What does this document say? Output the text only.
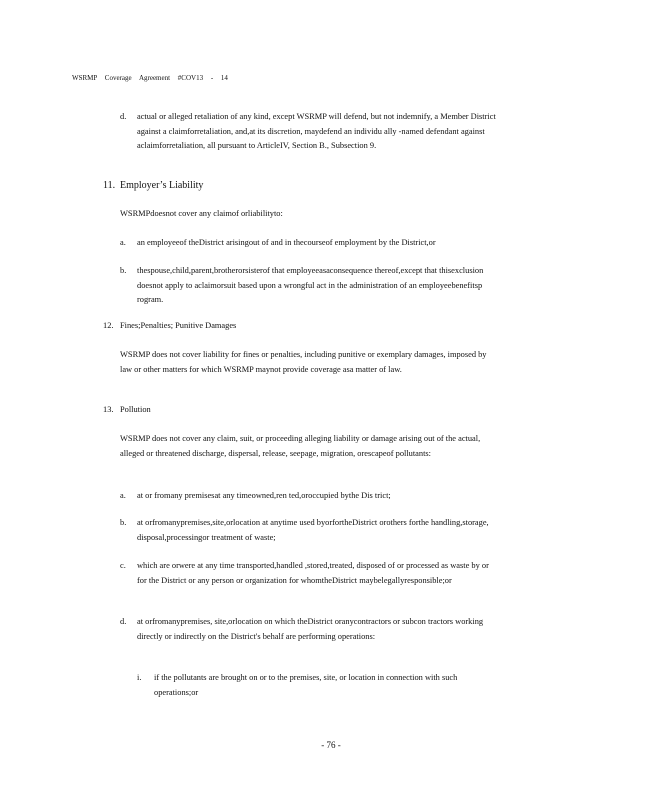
WSRMP Coverage Agreement #COV13 - 14
d. actual or alleged retaliation of any kind, except WSRMP will defend, but not indemnify, a Member District against a claimforretaliation, and,at its discretion, maydefend an individu ally -named defendant against aclaimforretaliation, all pursuant to ArticleIV, Section B., Subsection 9.
11. Employer’s Liability
WSRMPdoesnot cover any claimof orliabilityto:
a. an employeeof theDistrict arisingout of and in thecourseof employment by the District,or
b. thespouse,child,parent,brotherorsisterof that employeeasaconsequence thereof,except that thisexclusion doesnot apply to aclaimorsuit based upon a wrongful act in the administration of an employeebenefitsp rogram.
12. Fines;Penalties; Punitive Damages
WSRMP does not cover liability for fines or penalties, including punitive or exemplary damages, imposed by law or other matters for which WSRMP maynot provide coverage asa matter of law.
13. Pollution
WSRMP does not cover any claim, suit, or proceeding alleging liability or damage arising out of the actual, alleged or threatened discharge, dispersal, release, seepage, migration, orescapeof pollutants:
a. at or fromany premisesat any timeowned,ren ted,oroccupied bythe Dis trict;
b. at orfromanypremises,site,orlocation at anytime used byorfortheDistrict orothers forthe handling,storage, disposal,processingor treatment of waste;
c. which are orwere at any time transported,handled ,stored,treated, disposed of or processed as waste by or for the District or any person or organization for whomtheDistrict maybelegallyresponsible;or
d. at orfromanypremises, site,orlocation on which theDistrict oranycontractors or subcon tractors working directly or indirectly on the District's behalf are performing operations:
i. if the pollutants are brought on or to the premises, site, or location in connection with such operations;or
- 76 -
